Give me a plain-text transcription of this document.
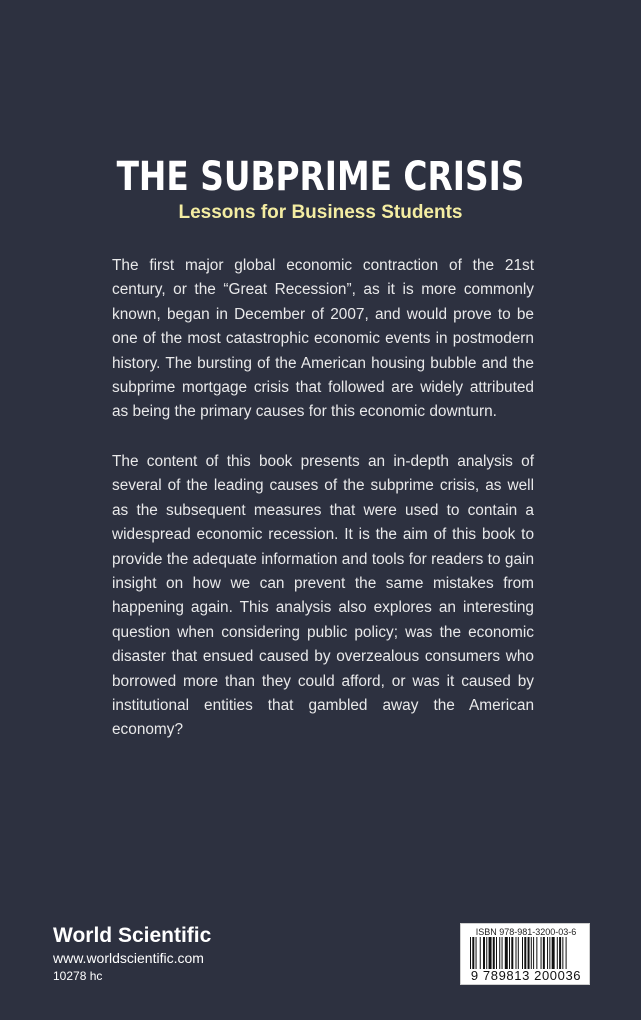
THE SUBPRIME CRISIS
Lessons for Business Students

The first major global economic contraction of the 21st century, or the “Great Recession”, as it is more commonly known, began in December of 2007, and would prove to be one of the most catastrophic economic events in postmodern history. The bursting of the American housing bubble and the subprime mortgage crisis that followed are widely attributed as being the primary causes for this economic downturn.

The content of this book presents an in-depth analysis of several of the leading causes of the subprime crisis, as well as the subsequent measures that were used to contain a widespread economic recession. It is the aim of this book to provide the adequate information and tools for readers to gain insight on how we can prevent the same mistakes from happening again. This analysis also explores an interesting question when considering public policy; was the economic disaster that ensued caused by overzealous consumers who borrowed more than they could afford, or was it caused by institutional entities that gambled away the American economy?

World Scientific
www.worldscientific.com
10278 hc
ISBN 978-981-3200-03-6
9 789813 200036
